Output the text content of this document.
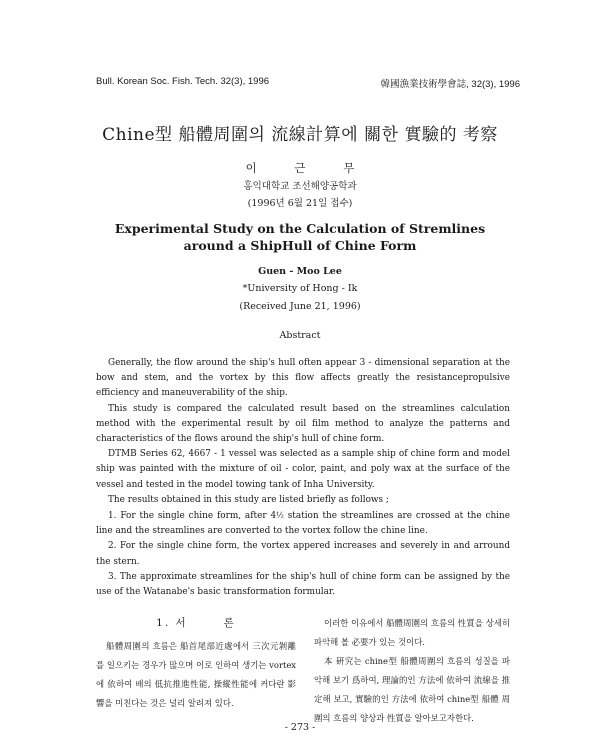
Bull. Korean Soc. Fish. Tech. 32(3), 1996	韓國漁業技術學會誌, 32(3), 1996
Chine型 船體周圍의 流線計算에 關한 實驗的 考察
이 근 무
홍익대학교 조선해양공학과
(1996년 6월 21일 접수)
Experimental Study on the Calculation of Stremlines
around a ShipHull of Chine Form
Guen - Moo Lee
*University of Hong - Ik
(Received June 21, 1996)
Abstract

Generally, the flow around the ship's hull often appear 3 - dimensional separation at the bow and stem, and the vortex by this flow affects greatly the resistancepropulsive efficiency and maneuverability of the ship.

This study is compared the calculated result based on the streamlines calculation method with the experimental result by oil film method to analyze the patterns and characteristics of the flows around the ship's hull of chine form.

DTMB Series 62, 4667 - 1 vessel was selected as a sample ship of chine form and model ship was painted with the mixture of oil - color, paint, and poly wax at the surface of the vessel and tested in the model towing tank of Inha University.

The results obtained in this study are listed briefly as follows ;

1. For the single chine form, after 4½ station the streamlines are crossed at the chine line and the streamlines are converted to the vortex follow the chine line.

2. For the single chine form, the vortex appered increases and severely in and arround the stern.

3. The approximate streamlines for the ship's hull of chine form can be assigned by the use of the Watanabe's basic transformation formular.

1. 서	론

船體周圍의 흐름은 船首尾部近處에서 三次元剝離를 일으키는 경우가 많으며 이로 인하여 생기는 vortex에 依하여 배의 低抗推進性能, 操縱性能에 커다란 影響을 미친다는 것은 널리 알려져 있다.

이러한 이유에서 船體周圍의 흐름의 性質을 상세히 파악해 볼 必要가 있는 것이다.

本 硏究는 chine型 船體周圍의 흐름의 성질을 파악해 보기 爲하여, 理論的인 方法에 依하여 流線을 推定해 보고, 實驗的인 方法에 依하여 chine型 船體 周圍의 흐름의 양상과 性質을 알아보고자한다.

- 273 -
